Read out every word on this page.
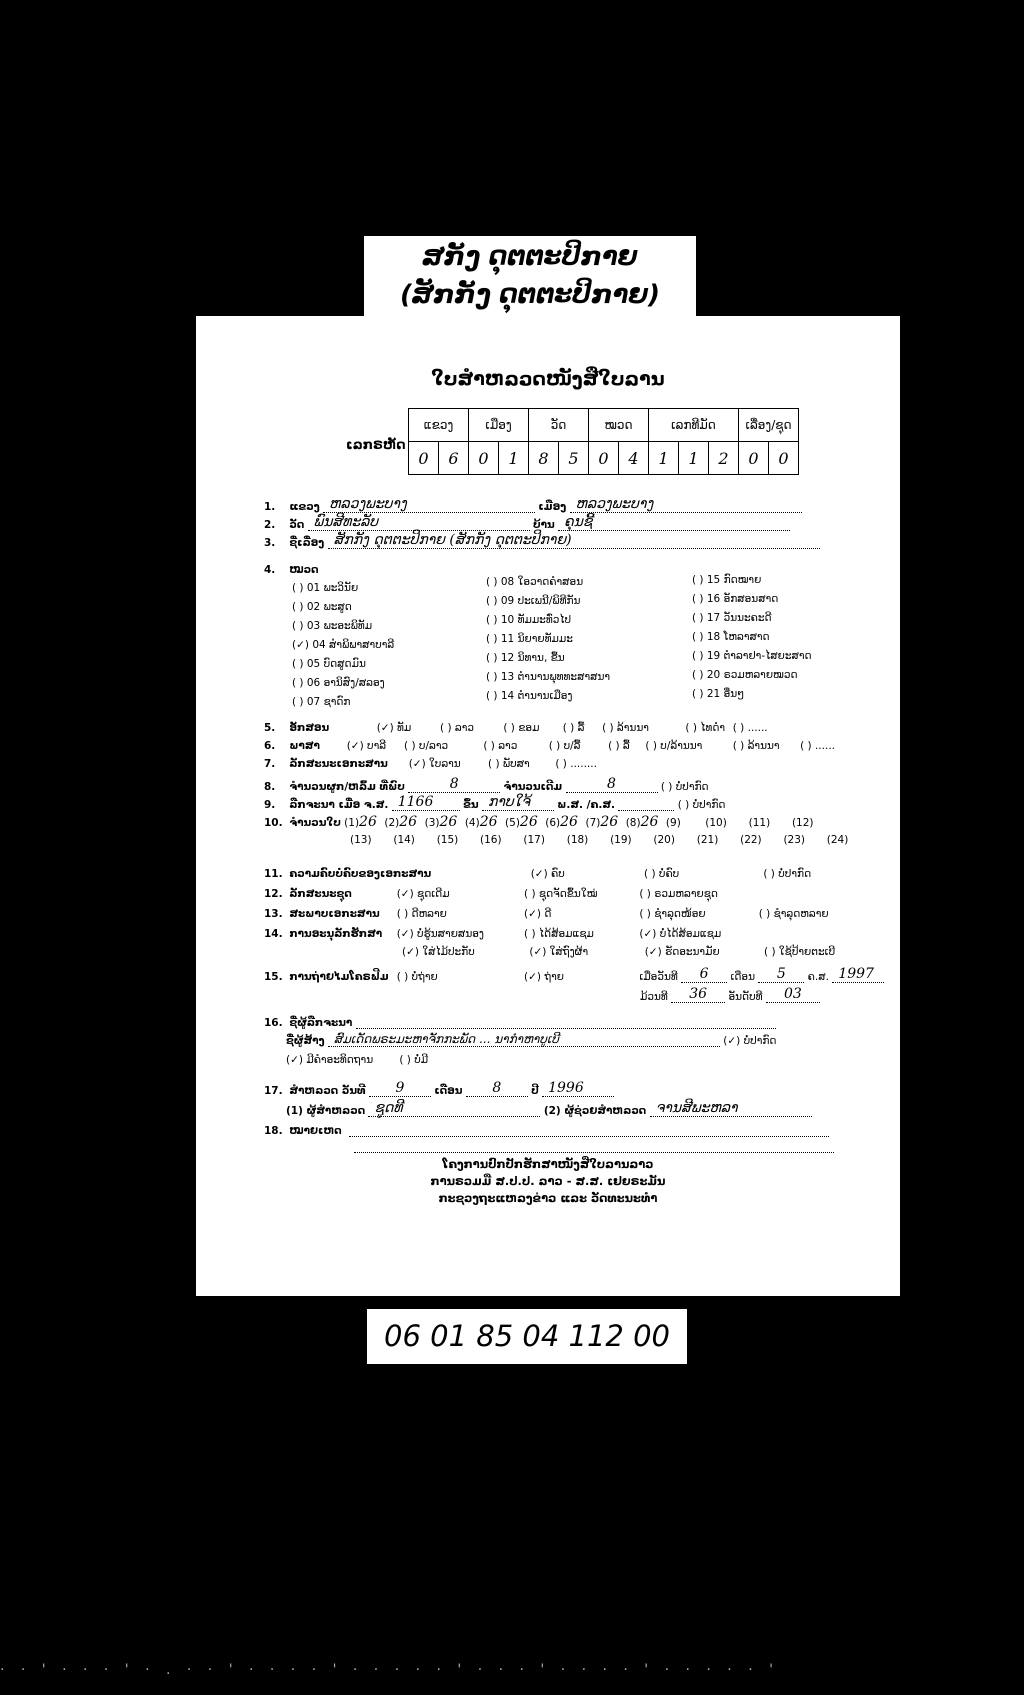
ສກັງ ດຸຕຕະປິກາຍ
(ສັກກັງ ດຸຕຕະປິກາຍ)
ໃບສໍາຫລວດໜັງສືໃບລານ
ເລກຣຫັດ
ແຂວງ		ເມືອງ		ວັດ		ໝວດ		ເລກທີມັດ			ເລື່ອງ/ຊຸດ	
0	6	0	1	8	5	0	4	1	1	2	0	0
1. ແຂວງ ຫລວງພະບາງ	ເມືອງ ຫລວງພະບາງ
2. ວັດ ພົນສີທະລັບ	ບ້ານ ຄຸນຊີ້
3. ຊື່ເລື່ອງ ສັກກັງ ດຸຕຕະປິກາຍ (ສັກກັງ ດຸຕຕະປິກາຍ)
4. ໝວດ
( ) 01 ພະວິນັຍ
( ) 02 ພະສູດ
( ) 03 ພະອະພິທັມ
(✓) 04 ສໍາພິພາສາບາລີ
( ) 05 ບົດສູດມົນ
( ) 06 ອານິສົງ/ສລອງ
( ) 07 ຊາດົກ
( ) 08 ໃອວາດຄໍາສອນ
( ) 09 ປະເພນີ/ພິທີກັນ
( ) 10 ທັມມະທົ່ວໄປ
( ) 11 ນິຍາຍທັມມະ
( ) 12 ນິທານ, ຂື້ນ
( ) 13 ຕໍານານພຸທທະສາສນາ
( ) 14 ຕໍານານເມືອງ
( ) 15 ກົດໝາຍ
( ) 16 ອັກສອນສາດ
( ) 17 ວັນນະຄະດີ
( ) 18 ໂຫລາສາດ
( ) 19 ຕໍາລາຢາ-ໄສຍະສາດ
( ) 20 ຣວມຫລາຍໝວດ
( ) 21 ອື່ນໆ
5. ອັກສອນ	(✓) ທັມ	( ) ລາວ	( ) ຂອມ ( ) ລື້ ( ) ລ້ານນາ	( ) ໄທດໍາ ( ) ......
6. ພາສາ	(✓) ບາລີ ( ) ບ/ລາວ	( ) ລາວ	( ) ບ/ລື້	( ) ລື້ ( ) ບ/ລ້ານນາ	( ) ລ້ານນາ ( ) ......
7. ລັກສະນະເອກະສານ (✓) ໃບລານ	( ) ພັບສາ ( ) ........
8. ຈໍານວນຜູກ/ຫລົ້ມ ທີ່ພົບ	8	ຈໍານວນເດີມ	8	( ) ບໍ່ປາກົດ
9. ລືກຈະນາ ເມື່ອ ຈ.ສ. 1166	ຂຶ້ນ ກາບໃຈ້	ພ.ສ. /ຄ.ສ.	( ) ບໍ່ປາກົດ
10. ຈໍານວນໃບ (1)26 (2)26 (3)26 (4)26 (5)26 (6)26 (7)26 (8)26 (9) (10) (11) (12)
(13) (14) (15) (16) (17) (18) (19) (20) (21) (22) (23) (24)
11. ຄວາມຄົບບໍ່ຄົບຂອງເອກະສານ	(✓) ຄົບ	( ) ບໍ່ຄົບ	( ) ບໍ່ປາກົດ
12. ລັກສະນະຊຸດ	(✓) ຊຸດເດີມ	( ) ຊຸດຈັດຂຶ້ນໃໝ່	( ) ຣວມຫລາຍຊຸດ
13. ສະພາບເອກະສານ ( ) ດີຫລາຍ	(✓) ດີ	( ) ຊໍາລຸດໜ້ອຍ	( ) ຊໍາລຸດຫລາຍ
14. ການອະນຸລັກຮັກສາ (✓) ບໍ່ຮູ້ນສາຍສນອງ	( ) ໄດ້ສ້ອມແຊມ	(✓) ບໍ່ໄດ້ສ້ອມແຊມ
(✓) ໃສ່ໄມ້ປະກັບ	(✓) ໃສ່ຖົງຜ້າ	(✓) ຮັດອະນາມັຍ	( ) ໃຊ້ປ້າຍຕະເບີ
15. ການຖ່າຍໄມໂຄຣຟີມ ( ) ບໍ່ຖ່າຍ	(✓) ຖ່າຍ	ເມື່ອວັນທີ 6 ເດືອນ 5 ຄ.ສ. 1997
ມ້ວນທີ 36 ອັນດັບທີ 03
16. ຊື່ຜູ້ລືກຈະນາ
ຊື່ຜູ້ສ້າງ ສົມເດັດພຣະມະຫາຈັກກະພັດ ... ນາກຳຫາບູເບີ	(✓) ບໍ່ປາກົດ
(✓) ມີຄໍາອະທິດຖານ ( ) ບໍ່ມີ
17. ສໍາຫລວດ ວັນທີ 9	ເດືອນ 8	ປີ 1996
(1) ຜູ້ສໍາຫລວດ ຊູດທີ	(2) ຜູ້ຊ່ວຍສໍາຫລວດ ຈານສີພະຫລາ
18. ໝາຍເຫດ
ໂຄງການປົກປັກຮັກສາໜັງສືໃບລານລາວ
ການຣວມມື ສ.ປ.ປ. ລາວ - ສ.ສ. ເຢຍຣະມັນ
ກະຊວງຖະແຫລງຂ່າວ ແລະ ວັດທະນະທໍາ
06 01 85 04 112 00
· · ' · · · ' · . · · ' · · · · ' · · · · · ' · · · ' · · · · ' · · · · · '
